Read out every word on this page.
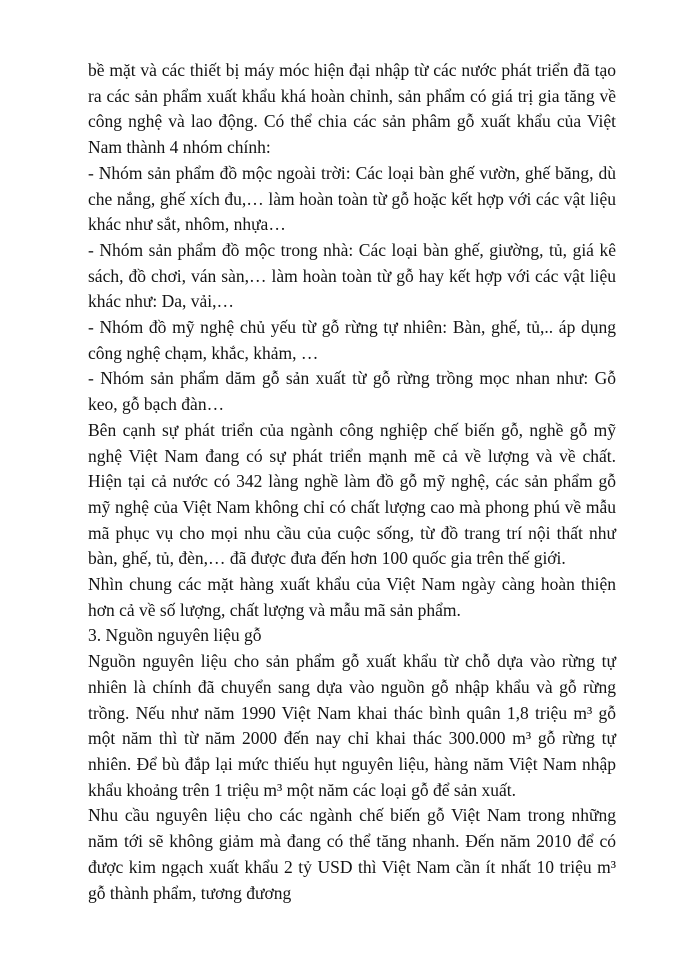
bề mặt và các thiết bị máy móc hiện đại nhập từ các nước phát triển đã tạo ra các sản phẩm xuất khẩu khá hoàn chỉnh, sản phẩm có giá trị gia tăng về công nghệ và lao động. Có thể chia các sản phâm gỗ xuất khẩu của Việt Nam thành 4 nhóm chính:

- Nhóm sản phẩm đồ mộc ngoài trời: Các loại bàn ghế vườn, ghế băng, dù che nắng, ghế xích đu,… làm hoàn toàn từ gỗ hoặc kết hợp với các vật liệu khác như sắt, nhôm, nhựa…

- Nhóm sản phẩm đồ mộc trong nhà: Các loại bàn ghế, giường, tủ, giá kê sách, đồ chơi, ván sàn,… làm hoàn toàn từ gỗ hay kết hợp với các vật liệu khác như: Da, vải,…

- Nhóm đồ mỹ nghệ chủ yếu từ gỗ rừng tự nhiên: Bàn, ghế, tủ,.. áp dụng công nghệ chạm, khắc, khảm, …

- Nhóm sản phẩm dăm gỗ sản xuất từ gỗ rừng trồng mọc nhan như: Gỗ keo, gỗ bạch đàn…

Bên cạnh sự phát triển của ngành công nghiệp chế biến gỗ, nghề gỗ mỹ nghệ Việt Nam đang có sự phát triển mạnh mẽ cả về lượng và về chất. Hiện tại cả nước có 342 làng nghề làm đồ gỗ mỹ nghệ, các sản phẩm gỗ mỹ nghệ của Việt Nam không chỉ có chất lượng cao mà phong phú về mẫu mã phục vụ cho mọi nhu cầu của cuộc sống, từ đồ trang trí nội thất như bàn, ghế, tủ, đèn,… đã được đưa đến hơn 100 quốc gia trên thế giới.

Nhìn chung các mặt hàng xuất khẩu của Việt Nam ngày càng hoàn thiện hơn cả về số lượng, chất lượng và mẫu mã sản phẩm.

3. Nguồn nguyên liệu gỗ

Nguồn nguyên liệu cho sản phẩm gỗ xuất khẩu từ chỗ dựa vào rừng tự nhiên là chính đã chuyển sang dựa vào nguồn gỗ nhập khẩu và gỗ rừng trồng. Nếu như năm 1990 Việt Nam khai thác bình quân 1,8 triệu m³ gỗ một năm thì từ năm 2000 đến nay chỉ khai thác 300.000 m³ gỗ rừng tự nhiên. Để bù đắp lại mức thiếu hụt nguyên liệu, hàng năm Việt Nam nhập khẩu khoảng trên 1 triệu m³ một năm các loại gỗ để sản xuất.

Nhu cầu nguyên liệu cho các ngành chế biến gỗ Việt Nam trong những năm tới sẽ không giảm mà đang có thể tăng nhanh. Đến năm 2010 để có được kim ngạch xuất khẩu 2 tỷ USD thì Việt Nam cần ít nhất 10 triệu m³ gỗ thành phẩm, tương đương
